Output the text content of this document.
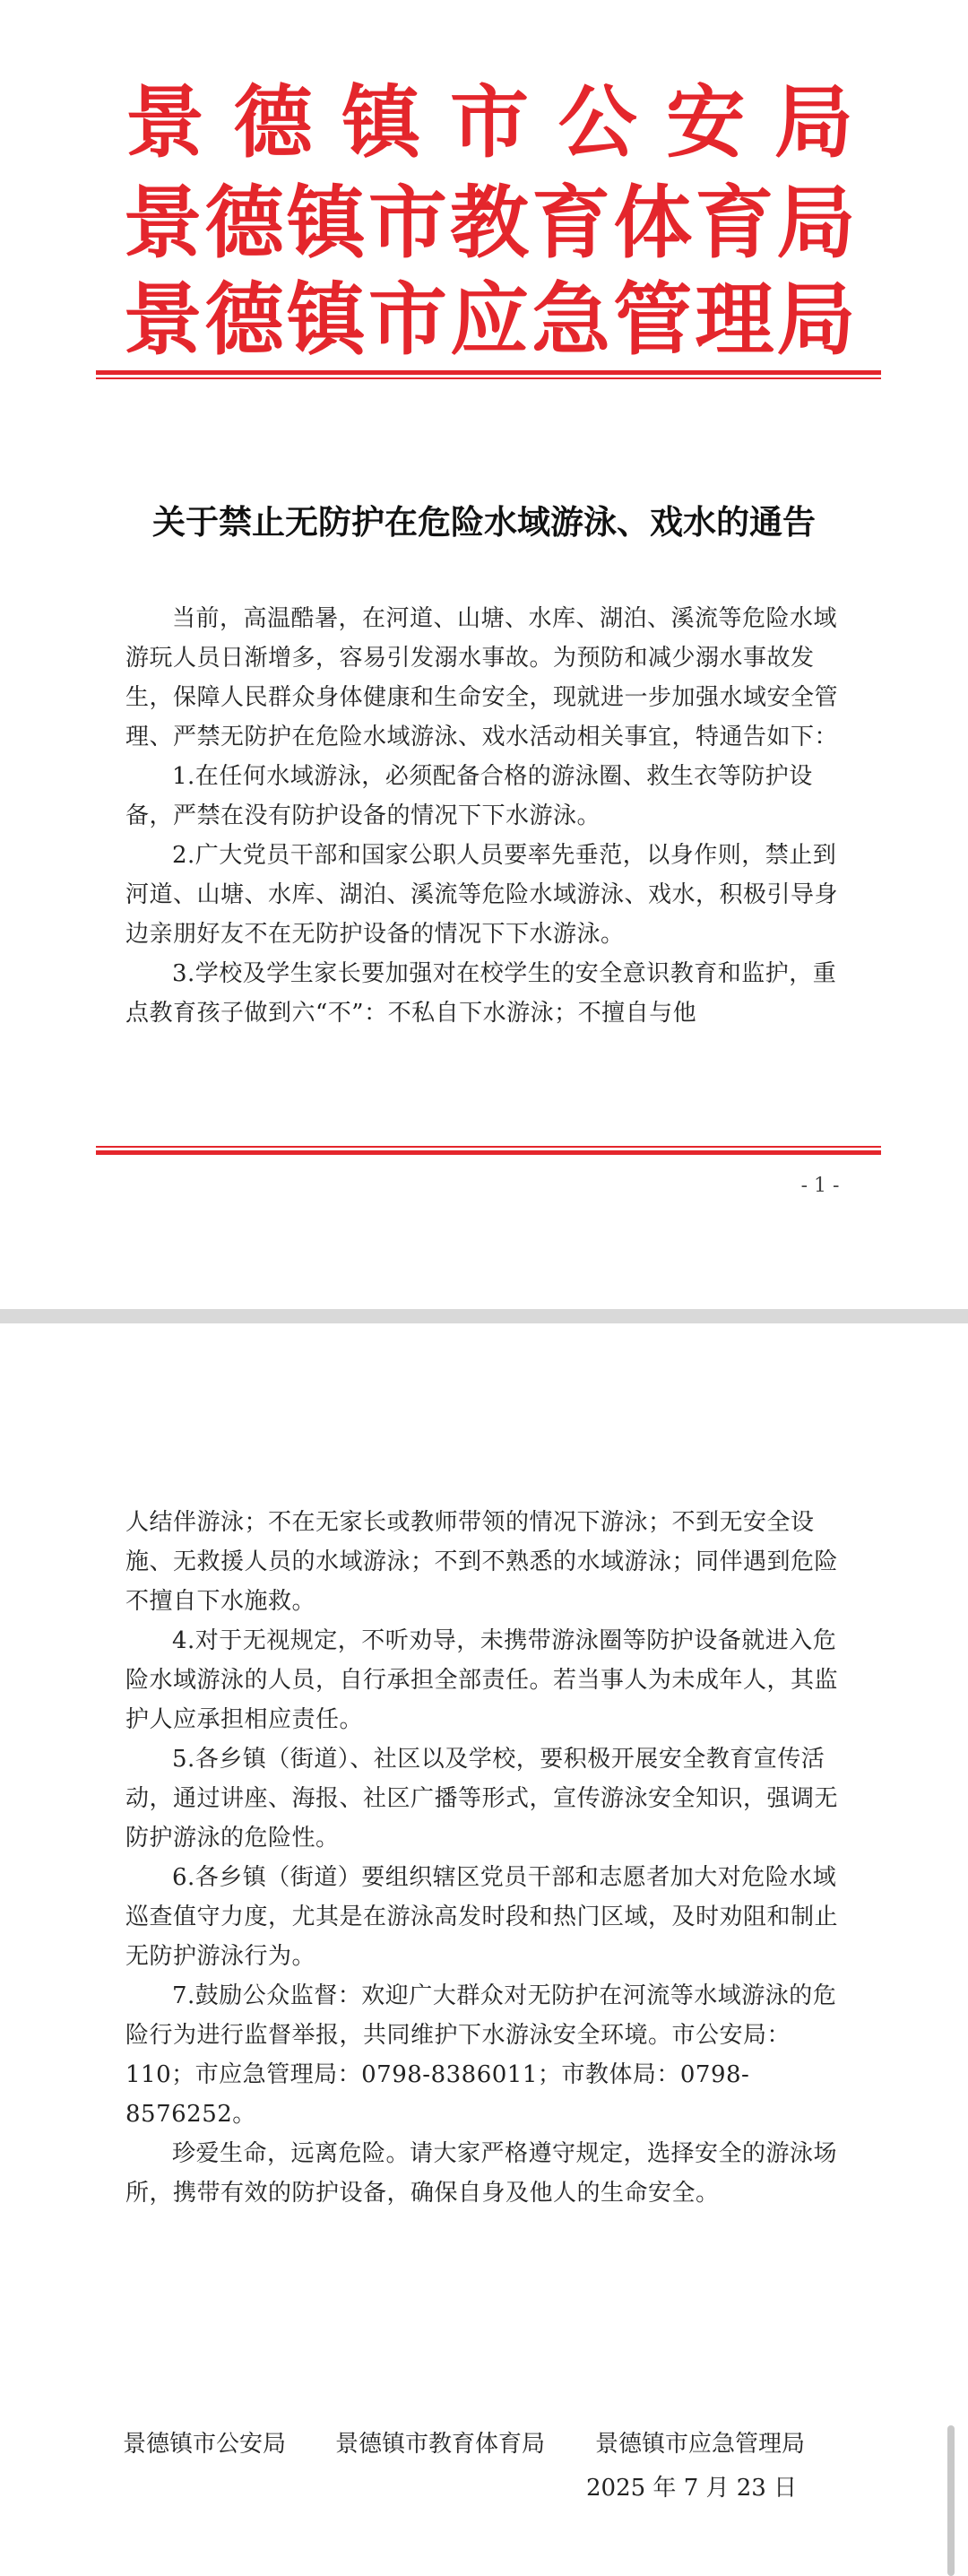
景 德 镇 市 公 安 局
景 德 镇 市 教 育 体 育 局
景 德 镇 市 应 急 管 理 局
关于禁止无防护在危险水域游泳、戏水的通告

当前，高温酷暑，在河道、山塘、水库、湖泊、溪流等危险水域游玩人员日渐增多，容易引发溺水事故。为预防和减少溺水事故发生，保障人民群众身体健康和生命安全，现就进一步加强水域安全管理、严禁无防护在危险水域游泳、戏水活动相关事宜，特通告如下：

1.在任何水域游泳，必须配备合格的游泳圈、救生衣等防护设备，严禁在没有防护设备的情况下下水游泳。

2.广大党员干部和国家公职人员要率先垂范，以身作则，禁止到河道、山塘、水库、湖泊、溪流等危险水域游泳、戏水，积极引导身边亲朋好友不在无防护设备的情况下下水游泳。

3.学校及学生家长要加强对在校学生的安全意识教育和监护，重点教育孩子做到六“不”：不私自下水游泳；不擅自与他

- 1 -

人结伴游泳；不在无家长或教师带领的情况下游泳；不到无安全设施、无救援人员的水域游泳；不到不熟悉的水域游泳；同伴遇到危险不擅自下水施救。

4.对于无视规定，不听劝导，未携带游泳圈等防护设备就进入危险水域游泳的人员，自行承担全部责任。若当事人为未成年人，其监护人应承担相应责任。

5.各乡镇（街道）、社区以及学校，要积极开展安全教育宣传活动，通过讲座、海报、社区广播等形式，宣传游泳安全知识，强调无防护游泳的危险性。

6.各乡镇（街道）要组织辖区党员干部和志愿者加大对危险水域巡查值守力度，尤其是在游泳高发时段和热门区域，及时劝阻和制止无防护游泳行为。

7.鼓励公众监督：欢迎广大群众对无防护在河流等水域游泳的危险行为进行监督举报，共同维护下水游泳安全环境。市公安局：110；市应急管理局：0798-8386011；市教体局：0798-8576252。

珍爱生命，远离危险。请大家严格遵守规定，选择安全的游泳场所，携带有效的防护设备，确保自身及他人的生命安全。

景德镇市公安局	景德镇市教育体育局	景德镇市应急管理局
2025 年 7 月 23 日
